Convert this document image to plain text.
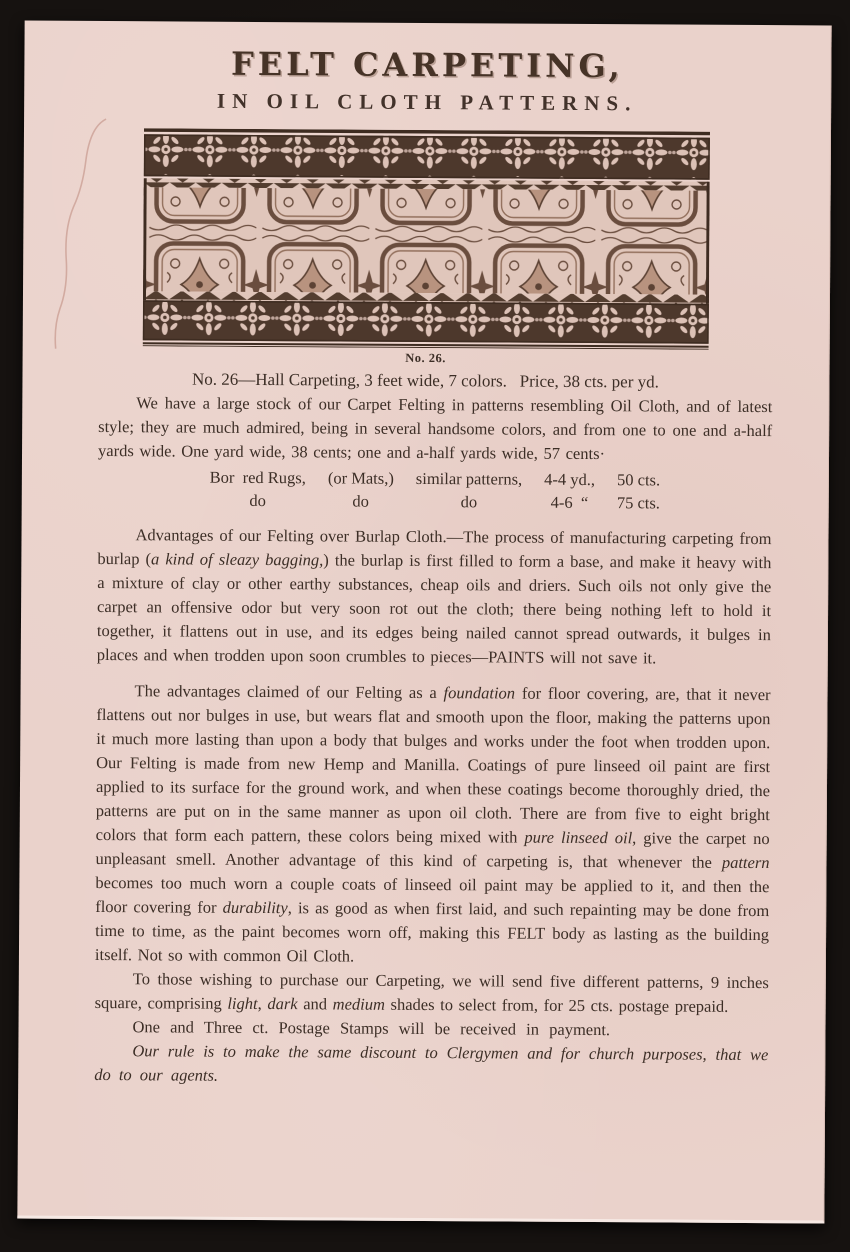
FELT CARPETING,
IN OIL CLOTH PATTERNS.
No. 26.
No. 26—Hall Carpeting, 3 feet wide, 7 colors.   Price, 38 cts. per yd.

We have a large stock of our Carpet Felting in patterns resembling Oil Cloth, and of latest style; they are much admired, being in several handsome colors, and from one to one and a-half yards wide. One yard wide, 38 cents; one and a-half yards wide, 57 cents·

Bor  red Rugs,	(or Mats,)	similar patterns,	4-4 yd.,	50 cts.
do	do	do	4-6  “	75 cts.

Advantages of our Felting over Burlap Cloth.—The process of manufacturing carpeting from burlap (a kind of sleazy bagging,) the burlap is first filled to form a base, and make it heavy with a mixture of clay or other earthy substances, cheap oils and driers. Such oils not only give the carpet an offensive odor but very soon rot out the cloth; there being nothing left to hold it together, it flattens out in use, and its edges being nailed cannot spread outwards, it bulges in places and when trodden upon soon crumbles to pieces—PAINTS will not save it.

The advantages claimed of our Felting as a foundation for floor covering, are, that it never flattens out nor bulges in use, but wears flat and smooth upon the floor, making the patterns upon it much more lasting than upon a body that bulges and works under the foot when trodden upon. Our Felting is made from new Hemp and Manilla. Coatings of pure linseed oil paint are first applied to its surface for the ground work, and when these coatings become thoroughly dried, the patterns are put on in the same manner as upon oil cloth. There are from five to eight bright colors that form each pattern, these colors being mixed with pure linseed oil, give the carpet no unpleasant smell. Another advantage of this kind of carpeting is, that whenever the pattern becomes too much worn a couple coats of linseed oil paint may be applied to it, and then the floor covering for durability, is as good as when first laid, and such repainting may be done from time to time, as the paint becomes worn off, making this FELT body as lasting as the building itself. Not so with common Oil Cloth.

To those wishing to purchase our Carpeting, we will send five different patterns, 9 inches square, comprising light, dark and medium shades to select from, for 25 cts. postage prepaid.

One and Three ct. Postage Stamps will be received in payment.

Our rule is to make the same discount to Clergymen and for church purposes, that we do to our agents.
